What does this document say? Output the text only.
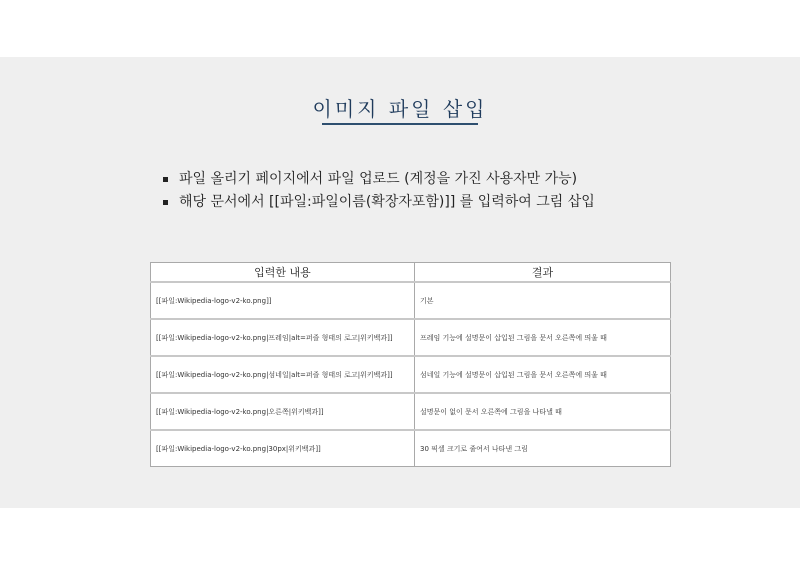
이미지 파일 삽입
파일 올리기 페이지에서 파일 업로드 (계정을 가진 사용자만 가능)
해당 문서에서 [[파일:파일이름(확장자포함)]] 를 입력하여 그림 삽입
입력한 내용	결과
[[파일:Wikipedia-logo-v2-ko.png]]	기본
[[파일:Wikipedia-logo-v2-ko.png|프레임|alt=퍼즐 형태의 로고|위키백과]]	프레임 기능에 설명문이 삽입된 그림을 문서 오른쪽에 띄울 때
[[파일:Wikipedia-logo-v2-ko.png|섬네일|alt=퍼즐 형태의 로고|위키백과]]	섬네일 기능에 설명문이 삽입된 그림을 문서 오른쪽에 띄울 때
[[파일:Wikipedia-logo-v2-ko.png|오른쪽|위키백과]]	설명문이 없이 문서 오른쪽에 그림을 나타낼 때
[[파일:Wikipedia-logo-v2-ko.png|30px|위키백과]]	30 픽셀 크기로 줄여서 나타낸 그림
